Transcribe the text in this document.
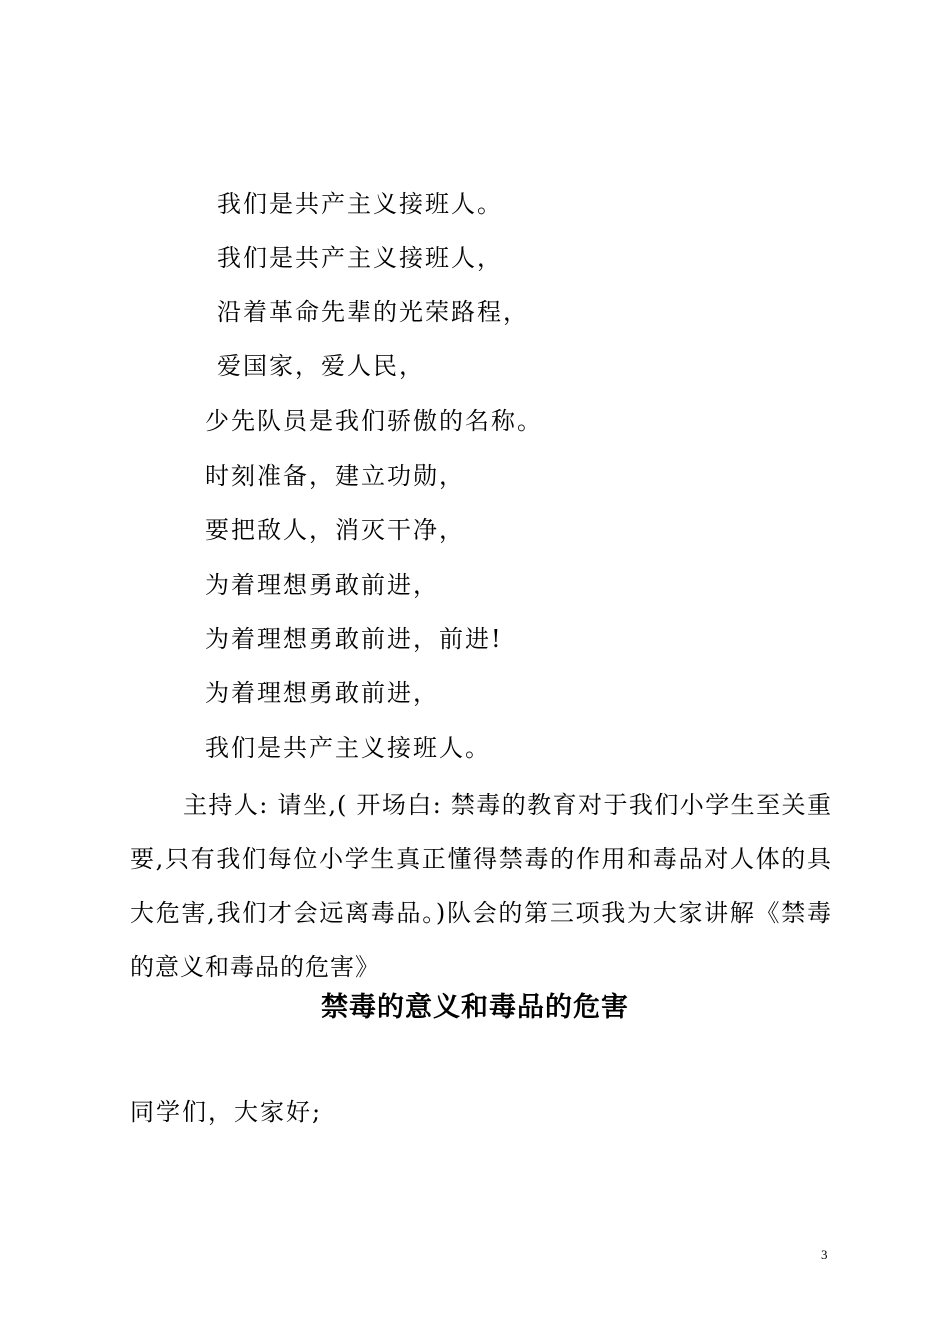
我们是共产主义接班人。
我们是共产主义接班人，
沿着革命先辈的光荣路程，
爱国家，爱人民，
少先队员是我们骄傲的名称。
时刻准备，建立功勋，
要把敌人，消灭干净，
为着理想勇敢前进，
为着理想勇敢前进，前进!
为着理想勇敢前进，
我们是共产主义接班人。
主持人: 请坐,( 开场白: 禁毒的教育对于我们小学生至关重要,只有我们每位小学生真正懂得禁毒的作用和毒品对人体的具大危害,我们才会远离毒品。)队会的第三项我为大家讲解《禁毒的意义和毒品的危害》
禁毒的意义和毒品的危害
同学们，大家好;
3
